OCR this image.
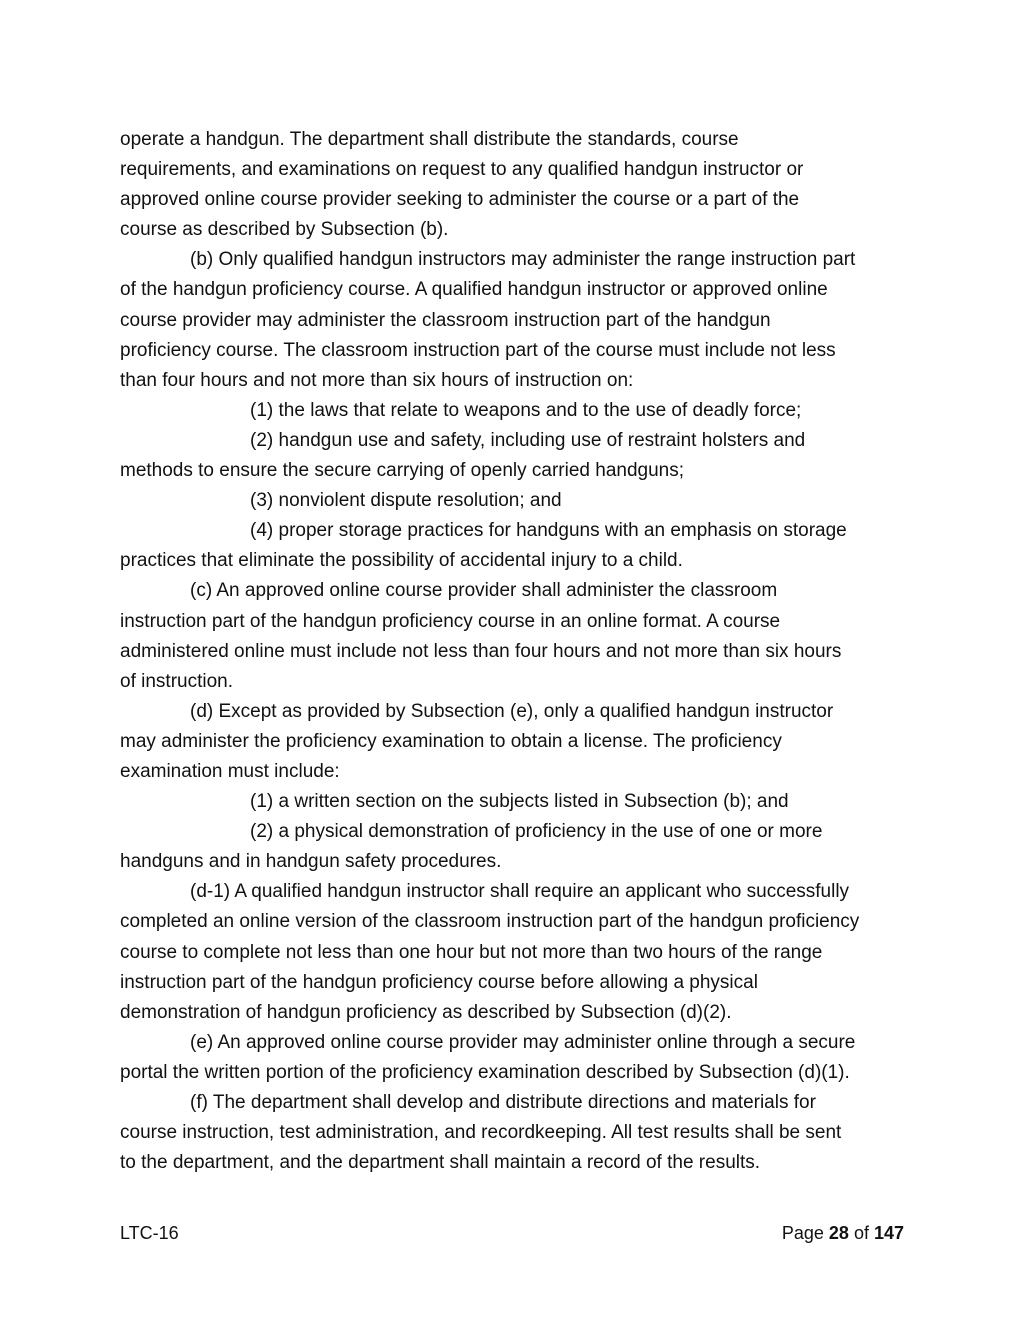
operate a handgun. The department shall distribute the standards, course

requirements, and examinations on request to any qualified handgun instructor or

approved online course provider seeking to administer the course or a part of the

course as described by Subsection (b).

(b) Only qualified handgun instructors may administer the range instruction part

of the handgun proficiency course. A qualified handgun instructor or approved online

course provider may administer the classroom instruction part of the handgun

proficiency course. The classroom instruction part of the course must include not less

than four hours and not more than six hours of instruction on:

(1) the laws that relate to weapons and to the use of deadly force;

(2) handgun use and safety, including use of restraint holsters and

methods to ensure the secure carrying of openly carried handguns;

(3) nonviolent dispute resolution; and

(4) proper storage practices for handguns with an emphasis on storage

practices that eliminate the possibility of accidental injury to a child.

(c) An approved online course provider shall administer the classroom

instruction part of the handgun proficiency course in an online format. A course

administered online must include not less than four hours and not more than six hours

of instruction.

(d) Except as provided by Subsection (e), only a qualified handgun instructor

may administer the proficiency examination to obtain a license. The proficiency

examination must include:

(1) a written section on the subjects listed in Subsection (b); and

(2) a physical demonstration of proficiency in the use of one or more

handguns and in handgun safety procedures.

(d-1) A qualified handgun instructor shall require an applicant who successfully

completed an online version of the classroom instruction part of the handgun proficiency

course to complete not less than one hour but not more than two hours of the range

instruction part of the handgun proficiency course before allowing a physical

demonstration of handgun proficiency as described by Subsection (d)(2).

(e) An approved online course provider may administer online through a secure

portal the written portion of the proficiency examination described by Subsection (d)(1).

(f) The department shall develop and distribute directions and materials for

course instruction, test administration, and recordkeeping. All test results shall be sent

to the department, and the department shall maintain a record of the results.

LTC-16	Page 28 of 147
